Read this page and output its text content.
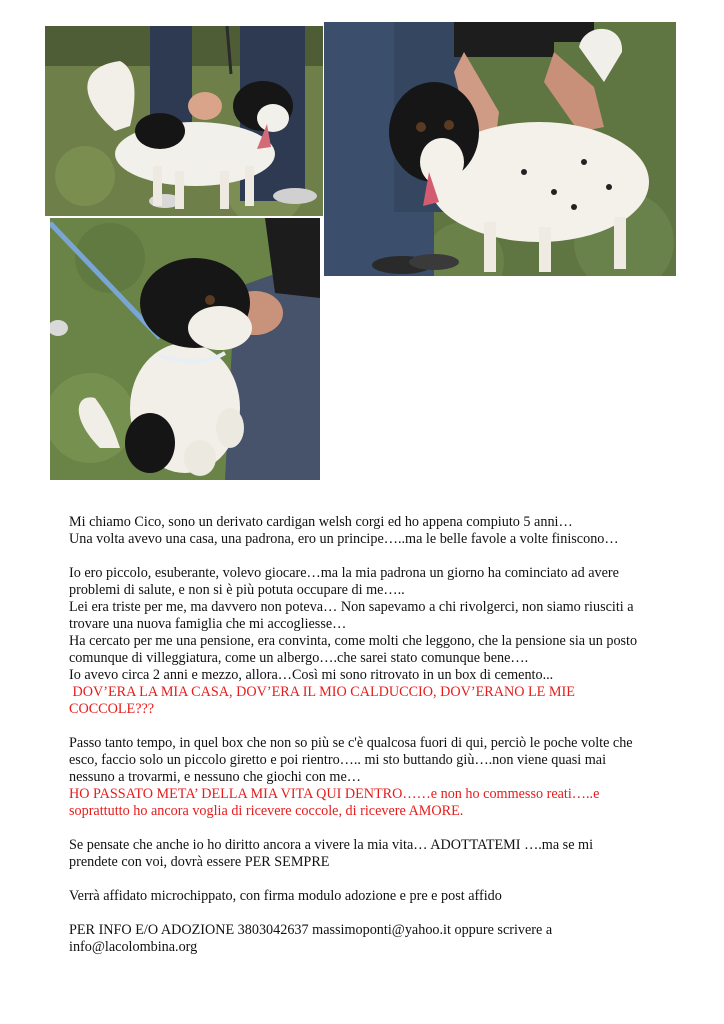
Mi chiamo Cico, sono un derivato cardigan welsh corgi ed ho appena compiuto 5 anni…

Una volta avevo una casa, una padrona, ero un principe…..ma le belle favole a volte finiscono…

Io ero piccolo, esuberante, volevo giocare…ma la mia padrona un giorno ha cominciato ad avere

problemi di salute, e non si è più potuta occupare di me…..

Lei era triste per me, ma davvero non poteva… Non sapevamo a chi rivolgerci, non siamo riusciti a

trovare una nuova famiglia che mi accogliesse…

Ha cercato per me una pensione, era convinta, come molti che leggono, che la pensione sia un posto

comunque di villeggiatura, come un albergo….che sarei stato comunque bene….

Io avevo circa 2 anni e mezzo, allora…Così mi sono ritrovato in un box di cemento...

DOV’ERA LA MIA CASA, DOV’ERA IL MIO CALDUCCIO, DOV’ERANO LE MIE

COCCOLE???

Passo tanto tempo, in quel box che non so più se c'è qualcosa fuori di qui, perciò le poche volte che

esco, faccio solo un piccolo giretto e poi rientro….. mi sto buttando giù….non viene quasi mai

nessuno a trovarmi, e nessuno che giochi con me…

HO PASSATO META’ DELLA MIA VITA QUI DENTRO……e non ho commesso reati…..e

soprattutto ho ancora voglia di ricevere coccole, di ricevere AMORE.

Se pensate che anche io ho diritto ancora a vivere la mia vita… ADOTTATEMI ….ma se mi

prendete con voi, dovrà essere PER SEMPRE

Verrà affidato microchippato, con firma modulo adozione e pre e post affido

PER INFO E/O ADOZIONE 3803042637 massimoponti@yahoo.it oppure scrivere a

info@lacolombina.org
